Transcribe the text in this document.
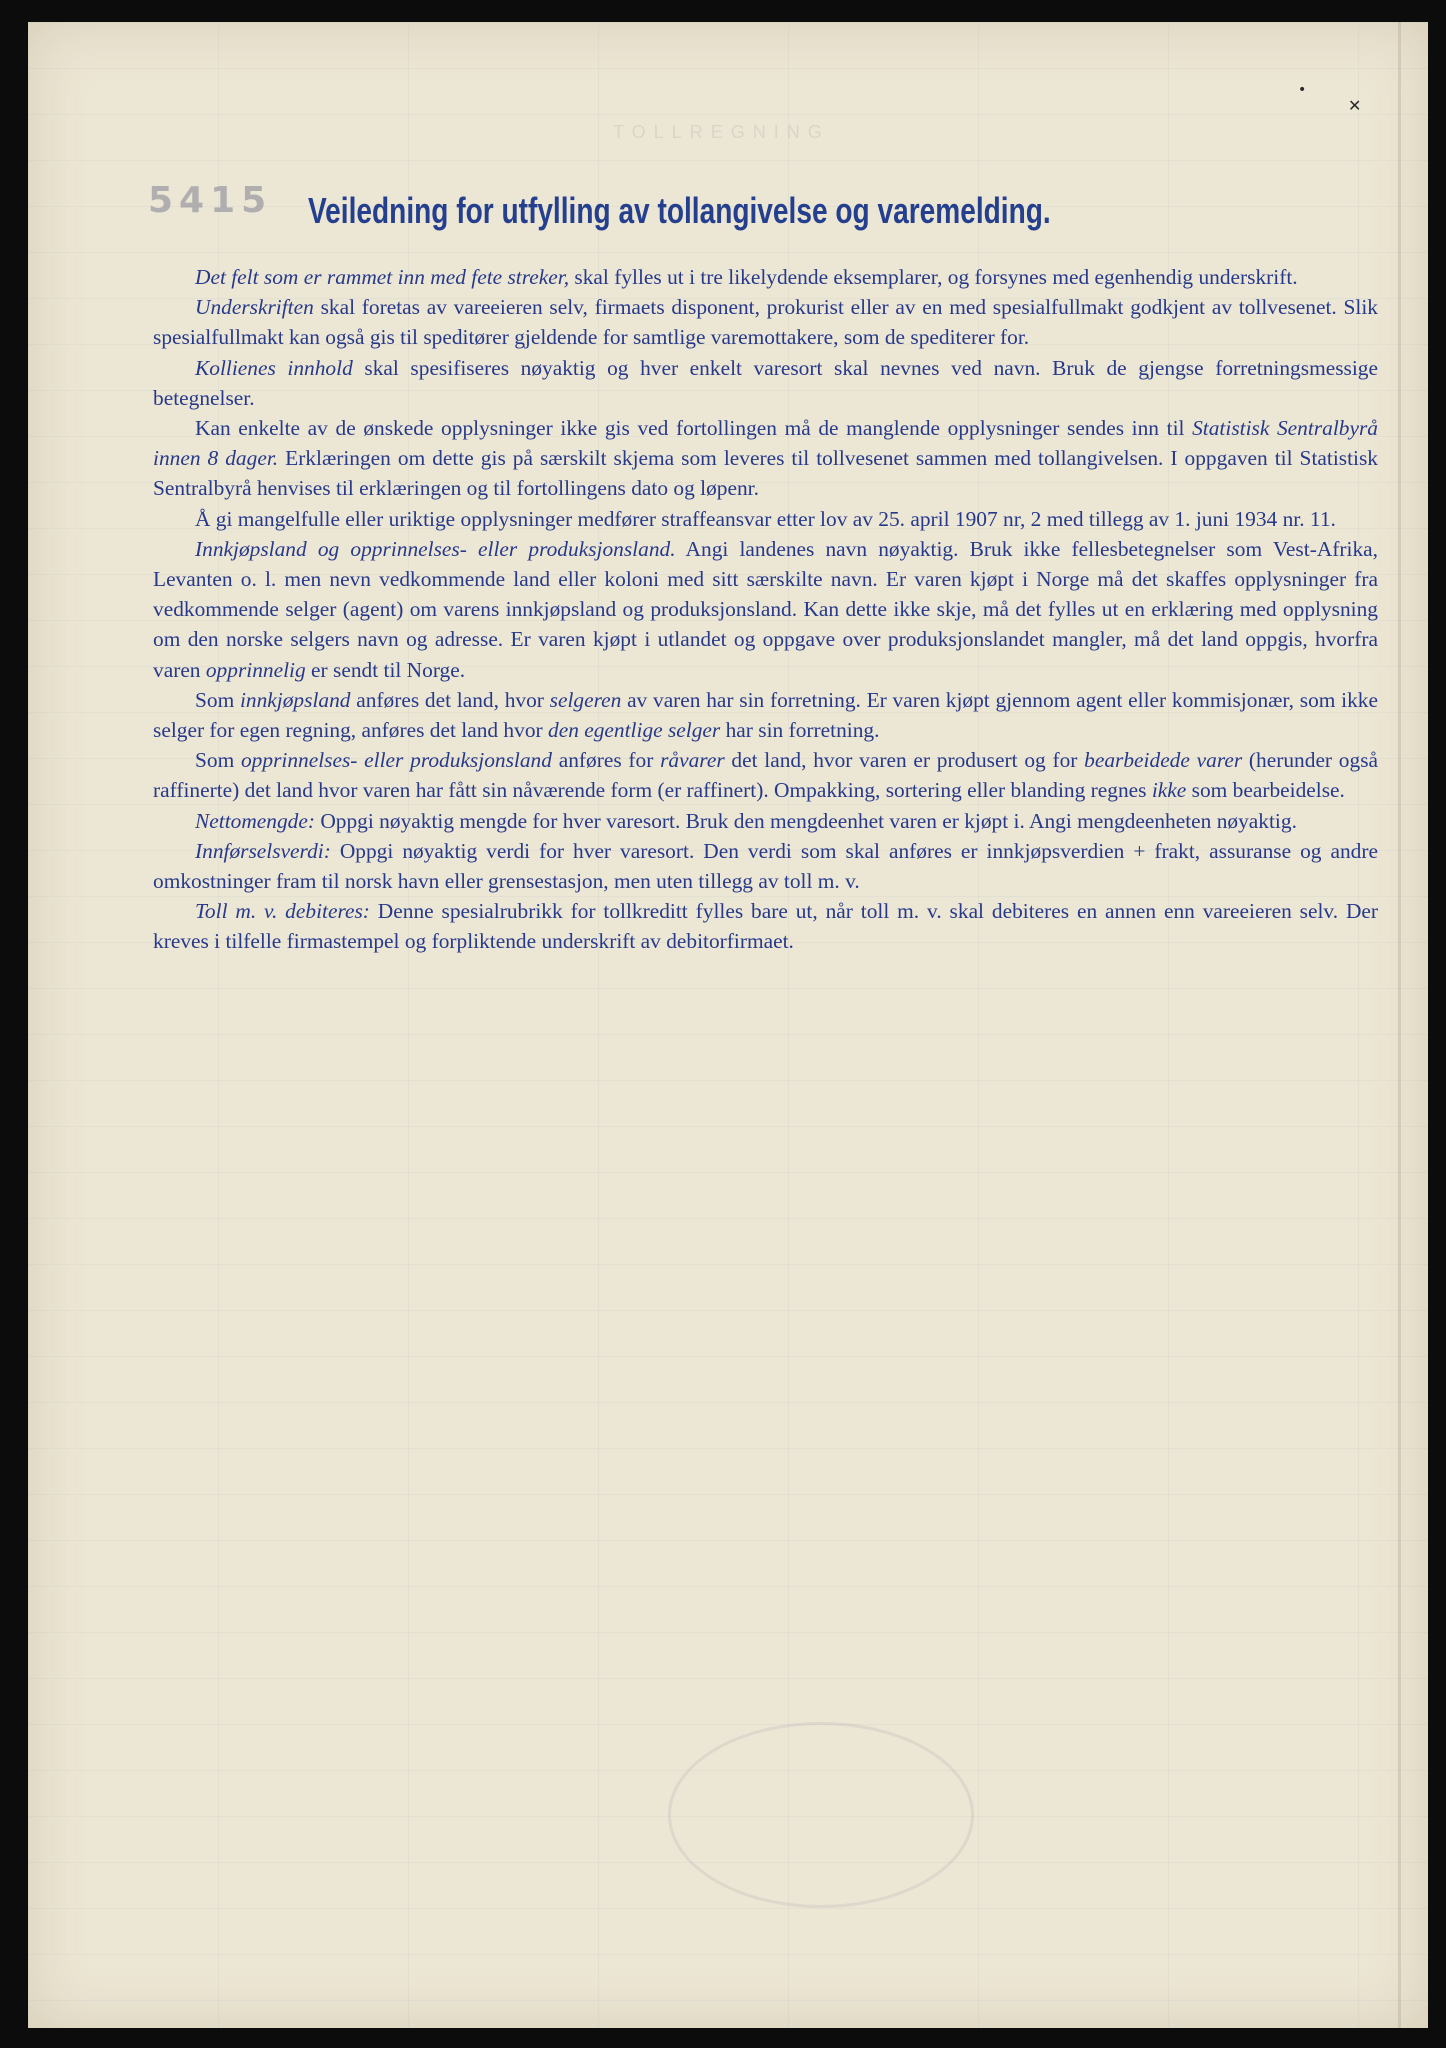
TOLLREGNING
5415 Veiledning for utfylling av tollangivelse og varemelding.

Det felt som er rammet inn med fete streker, skal fylles ut i tre likelydende eksemplarer, og forsynes med egenhendig underskrift.

Underskriften skal foretas av vareeieren selv, firmaets disponent, prokurist eller av en med spesialfullmakt godkjent av tollvesenet. Slik spesialfullmakt kan også gis til speditører gjeldende for samtlige varemottakere, som de spediterer for.

Kollienes innhold skal spesifiseres nøyaktig og hver enkelt varesort skal nevnes ved navn. Bruk de gjengse forretningsmessige betegnelser.

Kan enkelte av de ønskede opplysninger ikke gis ved fortollingen må de manglende opplysninger sendes inn til Statistisk Sentralbyrå innen 8 dager. Erklæringen om dette gis på særskilt skjema som leveres til tollvesenet sammen med tollangivelsen. I oppgaven til Statistisk Sentralbyrå henvises til erklæringen og til fortollingens dato og løpenr.

Å gi mangelfulle eller uriktige opplysninger medfører straffeansvar etter lov av 25. april 1907 nr, 2 med tillegg av 1. juni 1934 nr. 11.

Innkjøpsland og opprinnelses- eller produksjonsland. Angi landenes navn nøyaktig. Bruk ikke fellesbetegnelser som Vest-Afrika, Levanten o. l. men nevn vedkommende land eller koloni med sitt særskilte navn. Er varen kjøpt i Norge må det skaffes opplysninger fra vedkommende selger (agent) om varens innkjøpsland og produksjonsland. Kan dette ikke skje, må det fylles ut en erklæring med opplysning om den norske selgers navn og adresse. Er varen kjøpt i utlandet og oppgave over produksjonslandet mangler, må det land oppgis, hvorfra varen opprinnelig er sendt til Norge.

Som innkjøpsland anføres det land, hvor selgeren av varen har sin forretning. Er varen kjøpt gjennom agent eller kommisjonær, som ikke selger for egen regning, anføres det land hvor den egentlige selger har sin forretning.

Som opprinnelses- eller produksjonsland anføres for råvarer det land, hvor varen er produsert og for bearbeidede varer (herunder også raffinerte) det land hvor varen har fått sin nåværende form (er raffinert). Ompakking, sortering eller blanding regnes ikke som bearbeidelse.

Nettomengde: Oppgi nøyaktig mengde for hver varesort. Bruk den mengdeenhet varen er kjøpt i. Angi mengdeenheten nøyaktig.

Innførselsverdi: Oppgi nøyaktig verdi for hver varesort. Den verdi som skal anføres er innkjøpsverdien + frakt, assuranse og andre omkostninger fram til norsk havn eller grensestasjon, men uten tillegg av toll m. v.

Toll m. v. debiteres: Denne spesialrubrikk for tollkreditt fylles bare ut, når toll m. v. skal debiteres en annen enn vareeieren selv. Der kreves i tilfelle firmastempel og forpliktende underskrift av debitorfirmaet.

•
✕
